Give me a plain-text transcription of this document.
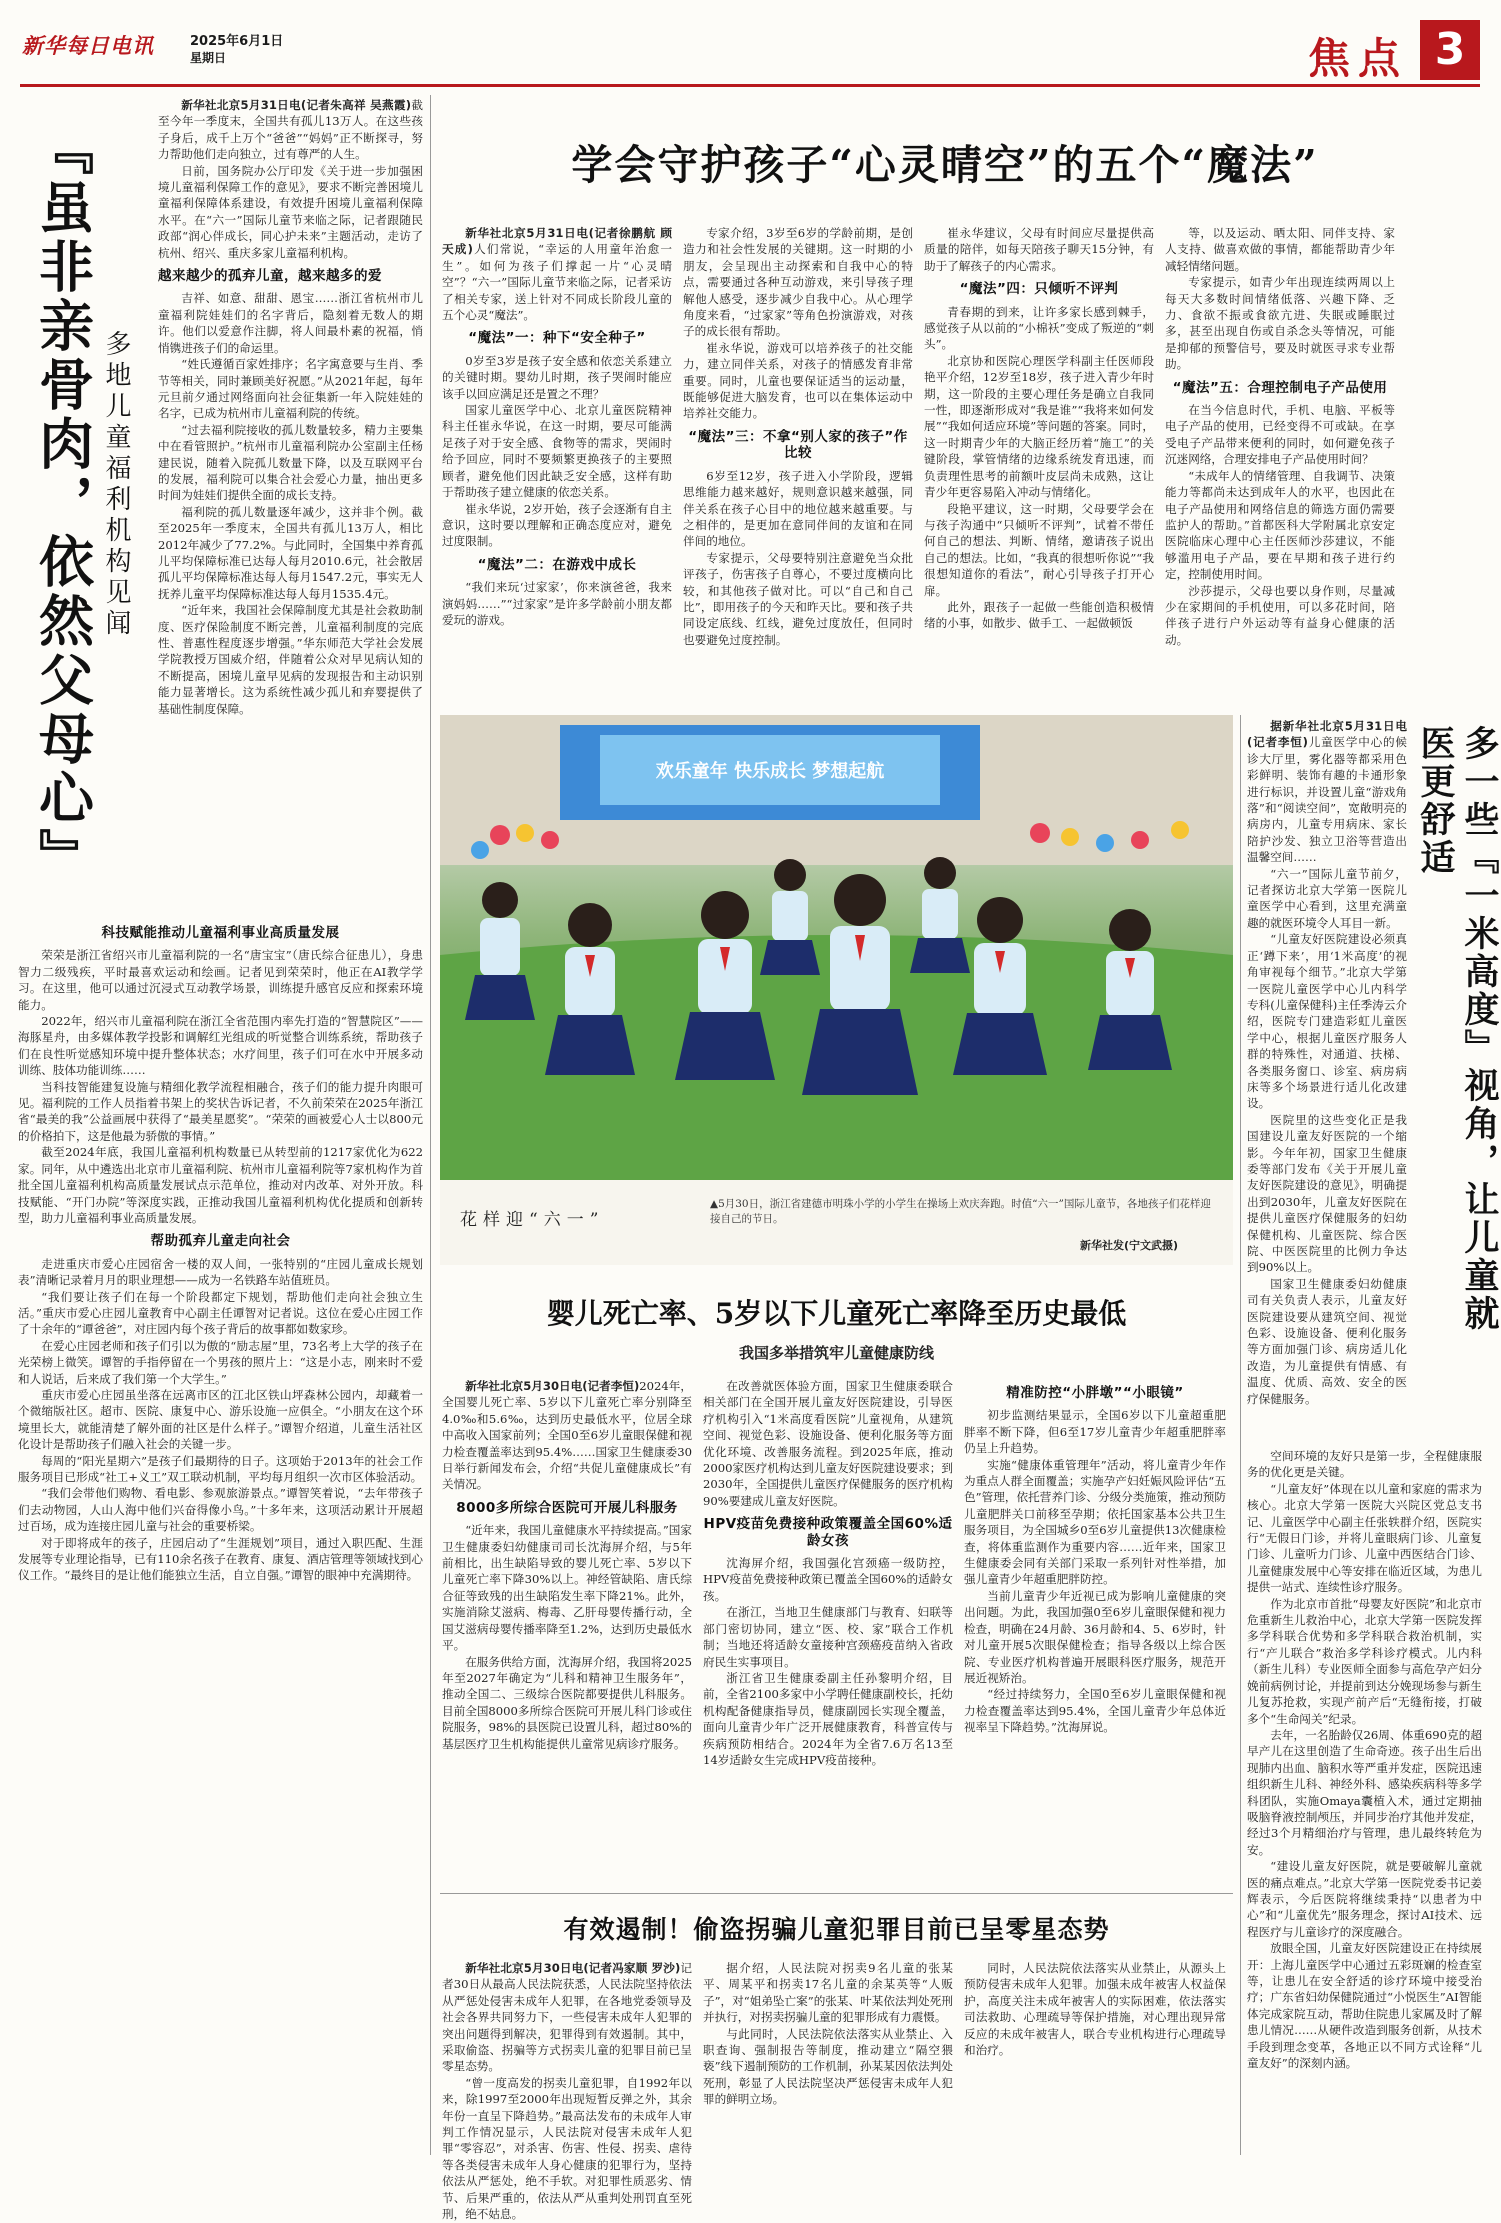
新华每日电讯	2025年6月1日
星期日	焦点 3
『虽非亲骨肉，依然父母心』 多地儿童福利机构见闻

新华社北京5月31日电(记者朱高祥 吴燕霞)截至今年一季度末，全国共有孤儿13万人。在这些孩子身后，成千上万个“爸爸”“妈妈”正不断探寻，努力帮助他们走向独立，过有尊严的人生。

日前，国务院办公厅印发《关于进一步加强困境儿童福利保障工作的意见》，要求不断完善困境儿童福利保障体系建设，有效提升困境儿童福利保障水平。在“六一”国际儿童节来临之际，记者跟随民政部“润心伴成长，同心护未来”主题活动，走访了杭州、绍兴、重庆多家儿童福利机构。

越来越少的孤弃儿童，越来越多的爱

吉祥、如意、甜甜、恩宝……浙江省杭州市儿童福利院娃娃们的名字背后，隐刻着无数人的期许。他们以爱意作注脚，将人间最朴素的祝福，悄悄镌进孩子们的命运里。

“姓氏遵循百家姓排序；名字寓意要与生肖、季节等相关，同时兼顾美好祝愿。”从2021年起，每年元旦前夕通过网络面向社会征集新一年入院娃娃的名字，已成为杭州市儿童福利院的传统。

“过去福利院接收的孤儿数量较多，精力主要集中在看管照护。”杭州市儿童福利院办公室副主任杨建民说，随着入院孤儿数量下降，以及互联网平台的发展，福利院可以集合社会爱心力量，抽出更多时间为娃娃们提供全面的成长支持。

福利院的孤儿数量逐年减少，这并非个例。截至2025年一季度末，全国共有孤儿13万人，相比2012年减少了77.2%。与此同时，全国集中养育孤儿平均保障标准已达每人每月2010.6元，社会散居孤儿平均保障标准达每人每月1547.2元，事实无人抚养儿童平均保障标准达每人每月1535.4元。

“近年来，我国社会保障制度尤其是社会救助制度、医疗保险制度不断完善，儿童福利制度的完底性、普惠性程度逐步增强。”华东师范大学社会发展学院教授万国威介绍，伴随着公众对早见病认知的不断提高，困境儿童早见病的发现报告和主动识别能力显著增长。这为系统性减少孤儿和弃婴提供了基础性制度保障。

科技赋能推动儿童福利事业高质量发展

荣荣是浙江省绍兴市儿童福利院的一名“唐宝宝”（唐氏综合征患儿），身患智力二级残疾，平时最喜欢运动和绘画。记者见到荣荣时，他正在AI教学学习。在这里，他可以通过沉浸式互动教学场景，训练提升感官反应和探索环境能力。

2022年，绍兴市儿童福利院在浙江全省范围内率先打造的“智慧院区”——海豚星舟，由多媒体教学投影和调解红光组成的听觉整合训练系统，帮助孩子们在良性听觉感知环境中提升整体状态；水疗间里，孩子们可在水中开展多动训练、肢体功能训练……

当科技智能建复设施与精细化教学流程相融合，孩子们的能力提升肉眼可见。福利院的工作人员指着书架上的奖状告诉记者，不久前荣荣在2025年浙江省“最美的我”公益画展中获得了“最美星愿奖”。“荣荣的画被爱心人士以800元的价格拍下，这是他最为骄傲的事情。”

截至2024年底，我国儿童福利机构数量已从转型前的1217家优化为622家。同年，从中遴选出北京市儿童福利院、杭州市儿童福利院等7家机构作为首批全国儿童福利机构高质量发展试点示范单位，推动对内改革、对外开放。科技赋能、“开门办院”等深度实践，正推动我国儿童福利机构优化提质和创新转型，助力儿童福利事业高质量发展。

帮助孤弃儿童走向社会

走进重庆市爱心庄园宿舍一楼的双人间，一张特别的“庄园儿童成长规划表”清晰记录着月月的职业理想——成为一名铁路车站值班员。

“我们要让孩子们在每一个阶段都定下规划，帮助他们走向社会独立生活。”重庆市爱心庄园儿童教育中心副主任谭智对记者说。这位在爱心庄园工作了十余年的“谭爸爸”，对庄园内每个孩子背后的故事都如数家珍。

在爱心庄园老师和孩子们引以为傲的“励志屋”里，73名考上大学的孩子在光荣榜上微笑。谭智的手指停留在一个男孩的照片上：“这是小志，刚来时不爱和人说话，后来成了我们第一个大学生。”

重庆市爱心庄园虽坐落在远离市区的江北区铁山坪森林公园内，却藏着一个微缩版社区。超市、医院、康复中心、游乐设施一应俱全。“小朋友在这个环境里长大，就能清楚了解外面的社区是什么样子。”谭智介绍道，儿童生活社区化设计是帮助孩子们融入社会的关键一步。

每周的“阳光星期六”是孩子们最期待的日子。这项始于2013年的社会工作服务项目已形成“社工+义工”双工联动机制，平均每月组织一次市区体验活动。

“我们会带他们购物、看电影、参观旅游景点。”谭智笑着说，“去年带孩子们去动物园，人山人海中他们兴奋得像小鸟。”十多年来，这项活动累计开展超过百场，成为连接庄园儿童与社会的重要桥梁。

对于即将成年的孩子，庄园启动了“生涯规划”项目，通过入职匹配、生涯发展等专业理论指导，已有110余名孩子在教育、康复、酒店管理等领域找到心仪工作。“最终目的是让他们能独立生活，自立自强。”谭智的眼神中充满期待。

学会守护孩子“心灵晴空”的五个“魔法”

新华社北京5月31日电(记者徐鹏航 顾天成)人们常说，“幸运的人用童年治愈一生”。如何为孩子们撑起一片“心灵晴空”？“六一”国际儿童节来临之际，记者采访了相关专家，送上针对不同成长阶段儿童的五个心灵“魔法”。

“魔法”一：种下“安全种子”

0岁至3岁是孩子安全感和依恋关系建立的关键时期。婴幼儿时期，孩子哭闹时能应该手以回应满足还是置之不理？

国家儿童医学中心、北京儿童医院精神科主任崔永华说，在这一时期，要尽可能满足孩子对于安全感、食物等的需求，哭闹时给予回应，同时不要频繁更换孩子的主要照顾者，避免他们因此缺乏安全感，这样有助于帮助孩子建立健康的依恋关系。

崔永华说，2岁开始，孩子会逐渐有自主意识，这时要以理解和正确态度应对，避免过度限制。

“魔法”二：在游戏中成长

“我们来玩‘过家家’，你来演爸爸，我来演妈妈……”“过家家”是许多学龄前小朋友都爱玩的游戏。

专家介绍，3岁至6岁的学龄前期，是创造力和社会性发展的关键期。这一时期的小朋友，会呈现出主动探索和自我中心的特点，需要通过各种互动游戏，来引导孩子理解他人感受，逐步减少自我中心。从心理学角度来看，“过家家”等角色扮演游戏，对孩子的成长很有帮助。

崔永华说，游戏可以培养孩子的社交能力，建立同伴关系，对孩子的情感发育非常重要。同时，儿童也要保证适当的运动量，既能够促进大脑发育，也可以在集体运动中培养社交能力。

“魔法”三：不拿“别人家的孩子”作比较

6岁至12岁，孩子进入小学阶段，逻辑思维能力越来越好，规则意识越来越强，同伴关系在孩子心目中的地位越来越重要。与之相伴的，是更加在意同伴间的友谊和在同伴间的地位。

专家提示，父母要特别注意避免当众批评孩子，伤害孩子自尊心，不要过度横向比较，和其他孩子做对比。可以“自己和自己比”，即用孩子的今天和昨天比。要和孩子共同设定底线、红线，避免过度放任，但同时也要避免过度控制。

崔永华建议，父母有时间应尽量提供高质量的陪伴，如每天陪孩子聊天15分钟，有助于了解孩子的内心需求。

“魔法”四：只倾听不评判

青春期的到来，让许多家长感到棘手，感觉孩子从以前的“小棉袄”变成了叛逆的“刺头”。

北京协和医院心理医学科副主任医师段艳平介绍，12岁至18岁，孩子进入青少年时期，这一阶段的主要心理任务是确立自我同一性，即逐渐形成对“我是谁”“我将来如何发展”“我如何适应环境”等问题的答案。同时，这一时期青少年的大脑正经历着“施工”的关键阶段，掌管情绪的边缘系统发育迅速，而负责理性思考的前额叶皮层尚未成熟，这让青少年更容易陷入冲动与情绪化。

段艳平建议，这一时期，父母要学会在与孩子沟通中“只倾听不评判”，试着不带任何自己的想法、判断、情绪，邀请孩子说出自己的想法。比如，“我真的很想听你说”“我很想知道你的看法”，耐心引导孩子打开心扉。

此外，跟孩子一起做一些能创造积极情绪的小事，如散步、做手工、一起做顿饭

等，以及运动、晒太阳、同伴支持、家人支持、做喜欢做的事情，都能帮助青少年减轻情绪问题。

专家提示，如青少年出现连续两周以上每天大多数时间情绪低落、兴趣下降、乏力、食欲不振或食欲亢进、失眠或睡眠过多，甚至出现自伤或自杀念头等情况，可能是抑郁的预警信号，要及时就医寻求专业帮助。

“魔法”五：合理控制电子产品使用

在当今信息时代，手机、电脑、平板等电子产品的使用，已经变得不可或缺。在享受电子产品带来便利的同时，如何避免孩子沉迷网络，合理安排电子产品使用时间？

“未成年人的情绪管理、自我调节、决策能力等都尚未达到成年人的水平，也因此在电子产品使用和网络信息的筛选方面仍需要监护人的帮助。”首都医科大学附属北京安定医院临床心理中心主任医师沙莎建议，不能够滥用电子产品，要在早期和孩子进行约定，控制使用时间。

沙莎提示，父母也要以身作则，尽量减少在家期间的手机使用，可以多花时间，陪伴孩子进行户外运动等有益身心健康的活动。

欢乐童年 快乐成长 梦想起航
花样迎“六一”
▲5月30日，浙江省建德市明珠小学的小学生在操场上欢庆奔跑。时值“六一”国际儿童节，各地孩子们花样迎接自己的节日。
新华社发(宁文武摄)
婴儿死亡率、5岁以下儿童死亡率降至历史最低
我国多举措筑牢儿童健康防线

新华社北京5月30日电(记者李恒)2024年，全国婴儿死亡率、5岁以下儿童死亡率分别降至4.0‰和5.6‰，达到历史最低水平，位居全球中高收入国家前列；全国0至6岁儿童眼保健和视力检查覆盖率达到95.4%……国家卫生健康委30日举行新闻发布会，介绍“共促儿童健康成长”有关情况。

8000多所综合医院可开展儿科服务

“近年来，我国儿童健康水平持续提高。”国家卫生健康委妇幼健康司司长沈海屏介绍，与5年前相比，出生缺陷导致的婴儿死亡率、5岁以下儿童死亡率下降30%以上。神经管缺陷、唐氏综合征等致残的出生缺陷发生率下降21%。此外，实施消除艾滋病、梅毒、乙肝母婴传播行动，全国艾滋病母婴传播率降至1.2%，达到历史最低水平。

在服务供给方面，沈海屏介绍，我国将2025年至2027年确定为“儿科和精神卫生服务年”，推动全国二、三级综合医院都要提供儿科服务。目前全国8000多所综合医院可开展儿科门诊或住院服务，98%的县医院已设置儿科，超过80%的基层医疗卫生机构能提供儿童常见病诊疗服务。

在改善就医体验方面，国家卫生健康委联合相关部门在全国开展儿童友好医院建设，引导医疗机构引入“1米高度看医院”儿童视角，从建筑空间、视觉色彩、设施设备、便利化服务等方面优化环境、改善服务流程。到2025年底，推动2000家医疗机构达到儿童友好医院建设要求；到2030年，全国提供儿童医疗保健服务的医疗机构90%要建成儿童友好医院。

HPV疫苗免费接种政策覆盖全国60%适龄女孩

沈海屏介绍，我国强化宫颈癌一级防控，HPV疫苗免费接种政策已覆盖全国60%的适龄女孩。

在浙江，当地卫生健康部门与教育、妇联等部门密切协同，建立“医、校、家”联合工作机制；当地还将适龄女童接种宫颈癌疫苗纳入省政府民生实事项目。

浙江省卫生健康委副主任孙黎明介绍，目前，全省2100多家中小学聘任健康副校长，托幼机构配备健康指导员，健康副园长实现全覆盖，面向儿童青少年广泛开展健康教育，科普宣传与疾病预防相结合。2024年为全省7.6万名13至14岁适龄女生完成HPV疫苗接种。

精准防控“小胖墩”“小眼镜”

初步监测结果显示，全国6岁以下儿童超重肥胖率不断下降，但6至17岁儿童青少年超重肥胖率仍呈上升趋势。

实施“健康体重管理年”活动，将儿童青少年作为重点人群全面覆盖；实施孕产妇妊娠风险评估“五色”管理，依托营养门诊、分级分类施策，推动预防儿童肥胖关口前移至孕期；依托国家基本公共卫生服务项目，为全国城乡0至6岁儿童提供13次健康检查，将体重监测作为重要内容……近年来，国家卫生健康委会同有关部门采取一系列针对性举措，加强儿童青少年超重肥胖防控。

当前儿童青少年近视已成为影响儿童健康的突出问题。为此，我国加强0至6岁儿童眼保健和视力检查，明确在24月龄、36月龄和4、5、6岁时，针对儿童开展5次眼保健检查；指导各级以上综合医院、专业医疗机构普遍开展眼科医疗服务，规范开展近视矫治。

“经过持续努力，全国0至6岁儿童眼保健和视力检查覆盖率达到95.4%，全国儿童青少年总体近视率呈下降趋势。”沈海屏说。

有效遏制！偷盗拐骗儿童犯罪目前已呈零星态势

新华社北京5月30日电(记者冯家顺 罗沙)记者30日从最高人民法院获悉，人民法院坚持依法从严惩处侵害未成年人犯罪，在各地党委领导及社会各界共同努力下，一些侵害未成年人犯罪的突出问题得到解决，犯罪得到有效遏制。其中，采取偷盗、拐骗等方式拐卖儿童的犯罪目前已呈零星态势。

“曾一度高发的拐卖儿童犯罪，自1992年以来，除1997至2000年出现短暂反弹之外，其余年份一直呈下降趋势。”最高法发布的未成年人审判工作情况显示，人民法院对侵害未成年人犯罪“零容忍”，对杀害、伤害、性侵、拐卖、虐待等各类侵害未成年人身心健康的犯罪行为，坚持依法从严惩处，绝不手软。对犯罪性质恶劣、情节、后果严重的，依法从严从重判处刑罚直至死刑，绝不姑息。

据介绍，人民法院对拐卖9名儿童的张某平、周某平和拐卖17名儿童的余某英等“人贩子”，对“姐弟坠亡案”的张某、叶某依法判处死刑并执行，对拐卖拐骗儿童的犯罪形成有力震慑。

与此同时，人民法院依法落实从业禁止、入职查询、强制报告等制度，推动建立“隔空猥亵”线下遏制预防的工作机制，孙某某因依法判处死刑，彰显了人民法院坚决严惩侵害未成年人犯罪的鲜明立场。

同时，人民法院依法落实从业禁止，从源头上预防侵害未成年人犯罪。加强未成年被害人权益保护，高度关注未成年被害人的实际困难，依法落实司法救助、心理疏导等保护措施，对心理出现异常反应的未成年被害人，联合专业机构进行心理疏导和治疗。

多一些『一米高度』视角，让儿童就医更舒适

据新华社北京5月31日电(记者李恒)儿童医学中心的候诊大厅里，雾化器等都采用色彩鲜明、装饰有趣的卡通形象进行标识，并设置儿童“游戏角落”和“阅读空间”，宽敞明亮的病房内，儿童专用病床、家长陪护沙发、独立卫浴等营造出温馨空间……

“六一”国际儿童节前夕，记者探访北京大学第一医院儿童医学中心看到，这里充满童趣的就医环境令人耳目一新。

“儿童友好医院建设必须真正‘蹲下来’，用‘1米高度’的视角审视每个细节。”北京大学第一医院儿童医学中心儿内科学专科(儿童保健科)主任季涛云介绍，医院专门建造彩虹儿童医学中心，根据儿童医疗服务人群的特殊性，对通道、扶梯、各类服务窗口、诊室、病房病床等多个场景进行适儿化改建设。

医院里的这些变化正是我国建设儿童友好医院的一个缩影。今年年初，国家卫生健康委等部门发布《关于开展儿童友好医院建设的意见》，明确提出到2030年，儿童友好医院在提供儿童医疗保健服务的妇幼保健机构、儿童医院、综合医院、中医医院里的比例力争达到90%以上。

国家卫生健康委妇幼健康司有关负责人表示，儿童友好医院建设要从建筑空间、视觉色彩、设施设备、便利化服务等方面加强门诊、病房适儿化改造，为儿童提供有情感、有温度、优质、高效、安全的医疗保健服务。

空间环境的友好只是第一步，全程健康服务的优化更是关键。

“儿童友好”体现在以儿童和家庭的需求为核心。北京大学第一医院大兴院区党总支书记、儿童医学中心副主任张轶群介绍，医院实行“无假日门诊，并将儿童眼病门诊、儿童复门诊、儿童听力门诊、儿童中西医结合门诊、儿童健康发展中心等安排在临近区域，为患儿提供一站式、连续性诊疗服务。

作为北京市首批“母婴友好医院”和北京市危重新生儿救治中心，北京大学第一医院发挥多学科联合优势和多学科联合救治机制，实行“产儿联合”救治多学科诊疗模式。儿内科（新生儿科）专业医师全面参与高危孕产妇分娩前病例讨论，并提前到达分娩现场参与新生儿复苏抢救，实现产前产后“无缝衔接，打破多个“生命闯关”纪录。

去年，一名胎龄仅26周、体重690克的超早产儿在这里创造了生命奇迹。孩子出生后出现肺内出血、脑积水等严重并发症，医院迅速组织新生儿科、神经外科、感染疾病科等多学科团队，实施Omaya囊植入术，通过定期抽吸脑脊液控制颅压，并同步治疗其他并发症，经过3个月精细治疗与管理，患儿最终转危为安。

“建设儿童友好医院，就是要破解儿童就医的痛点难点。”北京大学第一医院党委书记姜辉表示，今后医院将继续秉持“以患者为中心”和“儿童优先”服务理念，探讨AI技术、远程医疗与儿童诊疗的深度融合。

放眼全国，儿童友好医院建设正在持续展开：上海儿童医学中心通过五彩斑斓的检查室等，让患儿在安全舒适的诊疗环境中接受治疗；广东省妇幼保健院通过“小悦医生”AI智能体完成家院互动，帮助住院患儿家属及时了解患儿情况……从硬件改造到服务创新，从技术手段到理念变革，各地正以不同方式诠释“儿童友好”的深刻内涵。
